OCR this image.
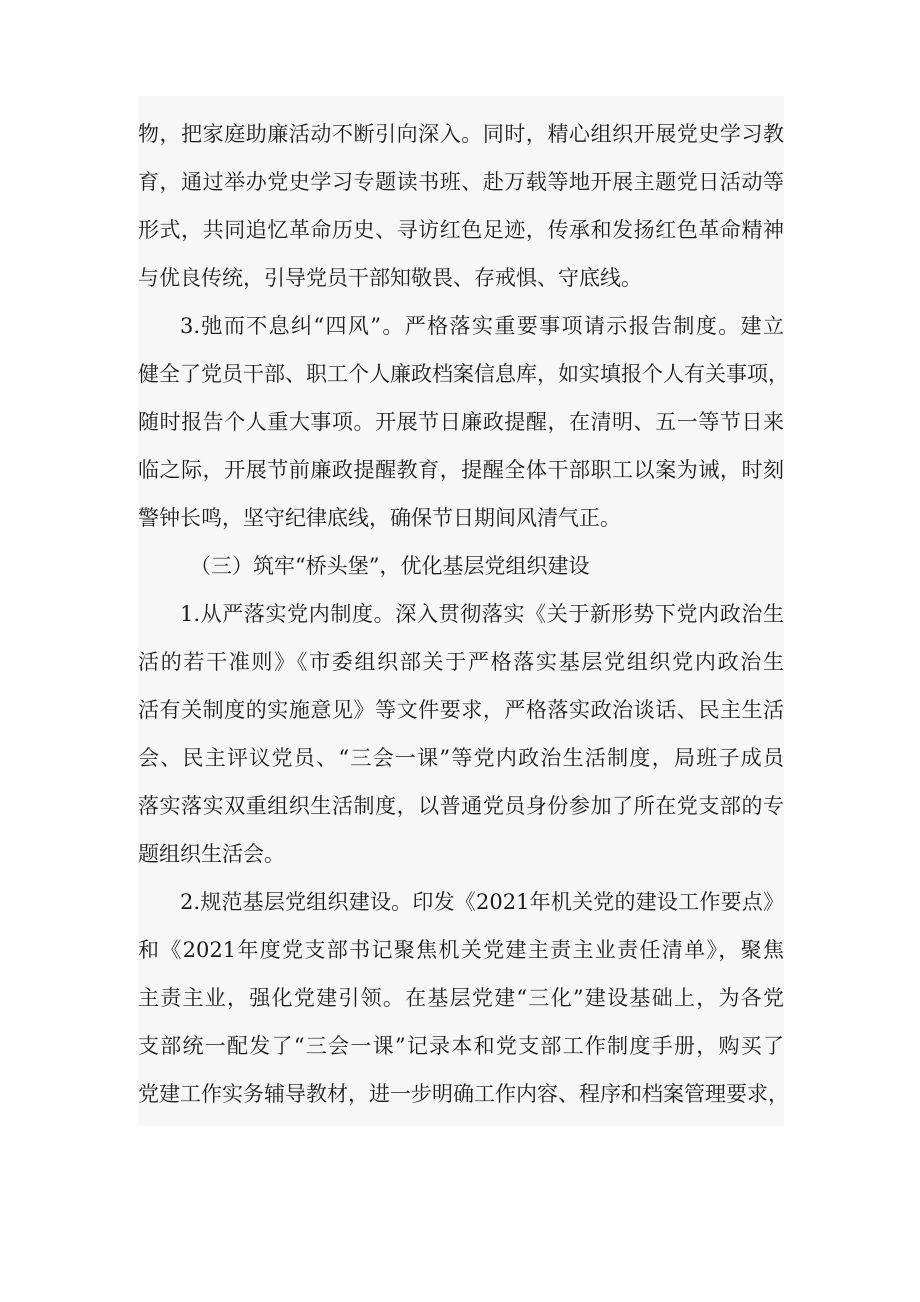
物，把家庭助廉活动不断引向深入。同时，精心组织开展党史学习教
育，通过举办党史学习专题读书班、赴万载等地开展主题党日活动等
形式，共同追忆革命历史、寻访红色足迹，传承和发扬红色革命精神
与优良传统，引导党员干部知敬畏、存戒惧、守底线。
3.弛而不息纠“四风”。严格落实重要事项请示报告制度。建立
健全了党员干部、职工个人廉政档案信息库，如实填报个人有关事项，
随时报告个人重大事项。开展节日廉政提醒，在清明、五一等节日来
临之际，开展节前廉政提醒教育，提醒全体干部职工以案为诫，时刻
警钟长鸣，坚守纪律底线，确保节日期间风清气正。
（三）筑牢“桥头堡”，优化基层党组织建设
1.从严落实党内制度。深入贯彻落实《关于新形势下党内政治生
活的若干准则》《市委组织部关于严格落实基层党组织党内政治生
活有关制度的实施意见》等文件要求，严格落实政治谈话、民主生活
会、民主评议党员、“三会一课”等党内政治生活制度，局班子成员
落实落实双重组织生活制度，以普通党员身份参加了所在党支部的专
题组织生活会。
2.规范基层党组织建设。印发《2021年机关党的建设工作要点》
和《2021年度党支部书记聚焦机关党建主责主业责任清单》，聚焦
主责主业，强化党建引领。在基层党建“三化”建设基础上，为各党
支部统一配发了“三会一课”记录本和党支部工作制度手册，购买了
党建工作实务辅导教材，进一步明确工作内容、程序和档案管理要求，
